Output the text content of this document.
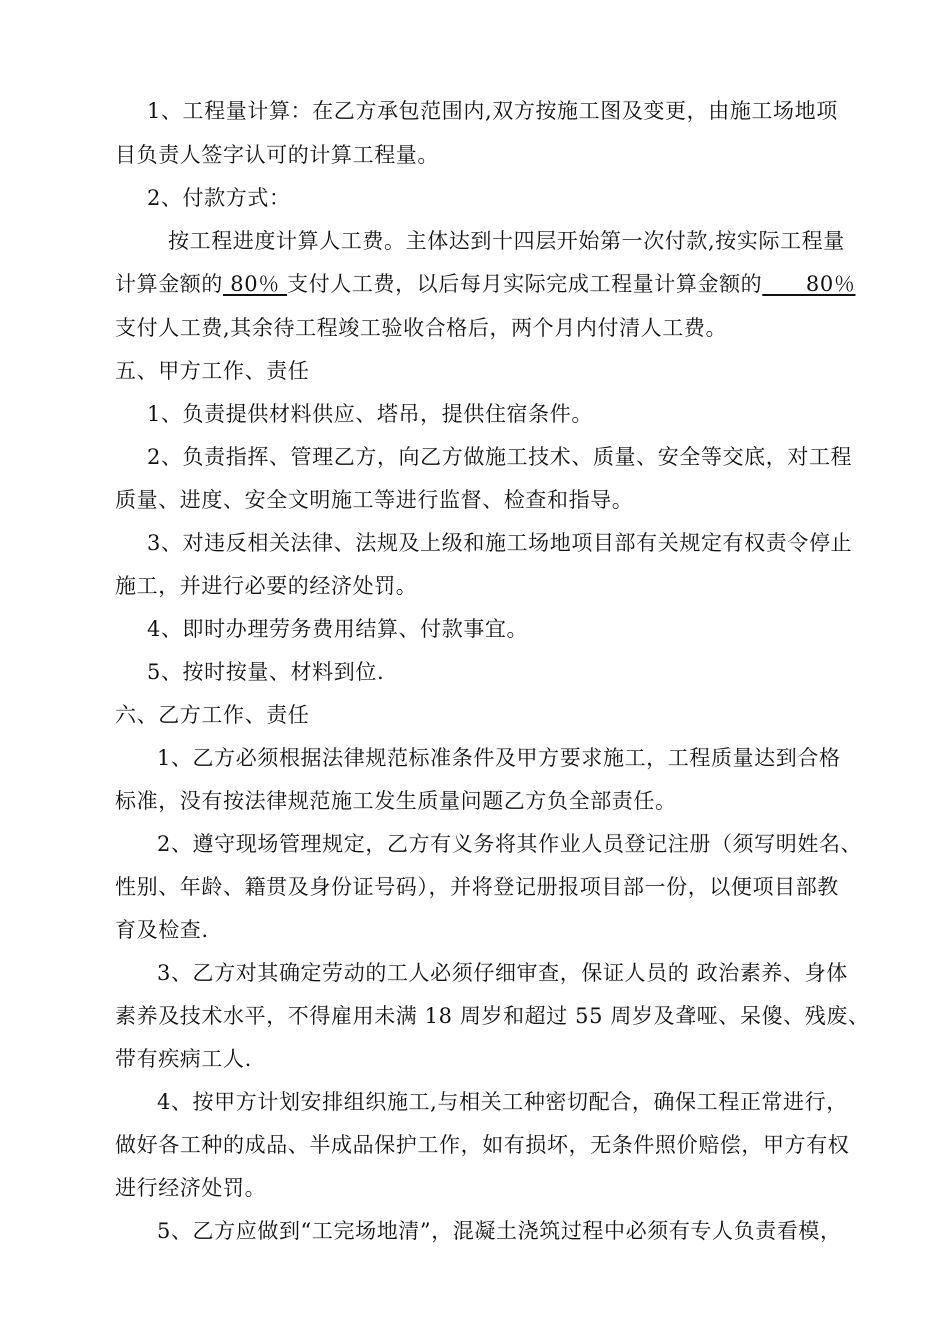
1、工程量计算：在乙方承包范围内,双方按施工图及变更，由施工场地项
目负责人签字认可的计算工程量。
2、付款方式：
按工程进度计算人工费。主体达到十四层开始第一次付款,按实际工程量
计算金额的 80％ 支付人工费，以后每月实际完成工程量计算金额的      80％
支付人工费,其余待工程竣工验收合格后，两个月内付清人工费。
五、甲方工作、责任
1、负责提供材料供应、塔吊，提供住宿条件。
2、负责指挥、管理乙方，向乙方做施工技术、质量、安全等交底，对工程
质量、进度、安全文明施工等进行监督、检查和指导。
3、对违反相关法律、法规及上级和施工场地项目部有关规定有权责令停止
施工，并进行必要的经济处罚。
4、即时办理劳务费用结算、付款事宜。
5、按时按量、材料到位.
六、乙方工作、责任
1、乙方必须根据法律规范标准条件及甲方要求施工，工程质量达到合格
标准，没有按法律规范施工发生质量问题乙方负全部责任。
2、遵守现场管理规定，乙方有义务将其作业人员登记注册（须写明姓名、
性别、年龄、籍贯及身份证号码），并将登记册报项目部一份，以便项目部教
育及检查.
3、乙方对其确定劳动的工人必须仔细审查，保证人员的 政治素养、身体
素养及技术水平，不得雇用未满 18 周岁和超过 55 周岁及聋哑、呆傻、残废、
带有疾病工人.
4、按甲方计划安排组织施工,与相关工种密切配合，确保工程正常进行，
做好各工种的成品、半成品保护工作，如有损坏，无条件照价赔偿，甲方有权
进行经济处罚。
5、乙方应做到“工完场地清”，混凝土浇筑过程中必须有专人负责看模，
